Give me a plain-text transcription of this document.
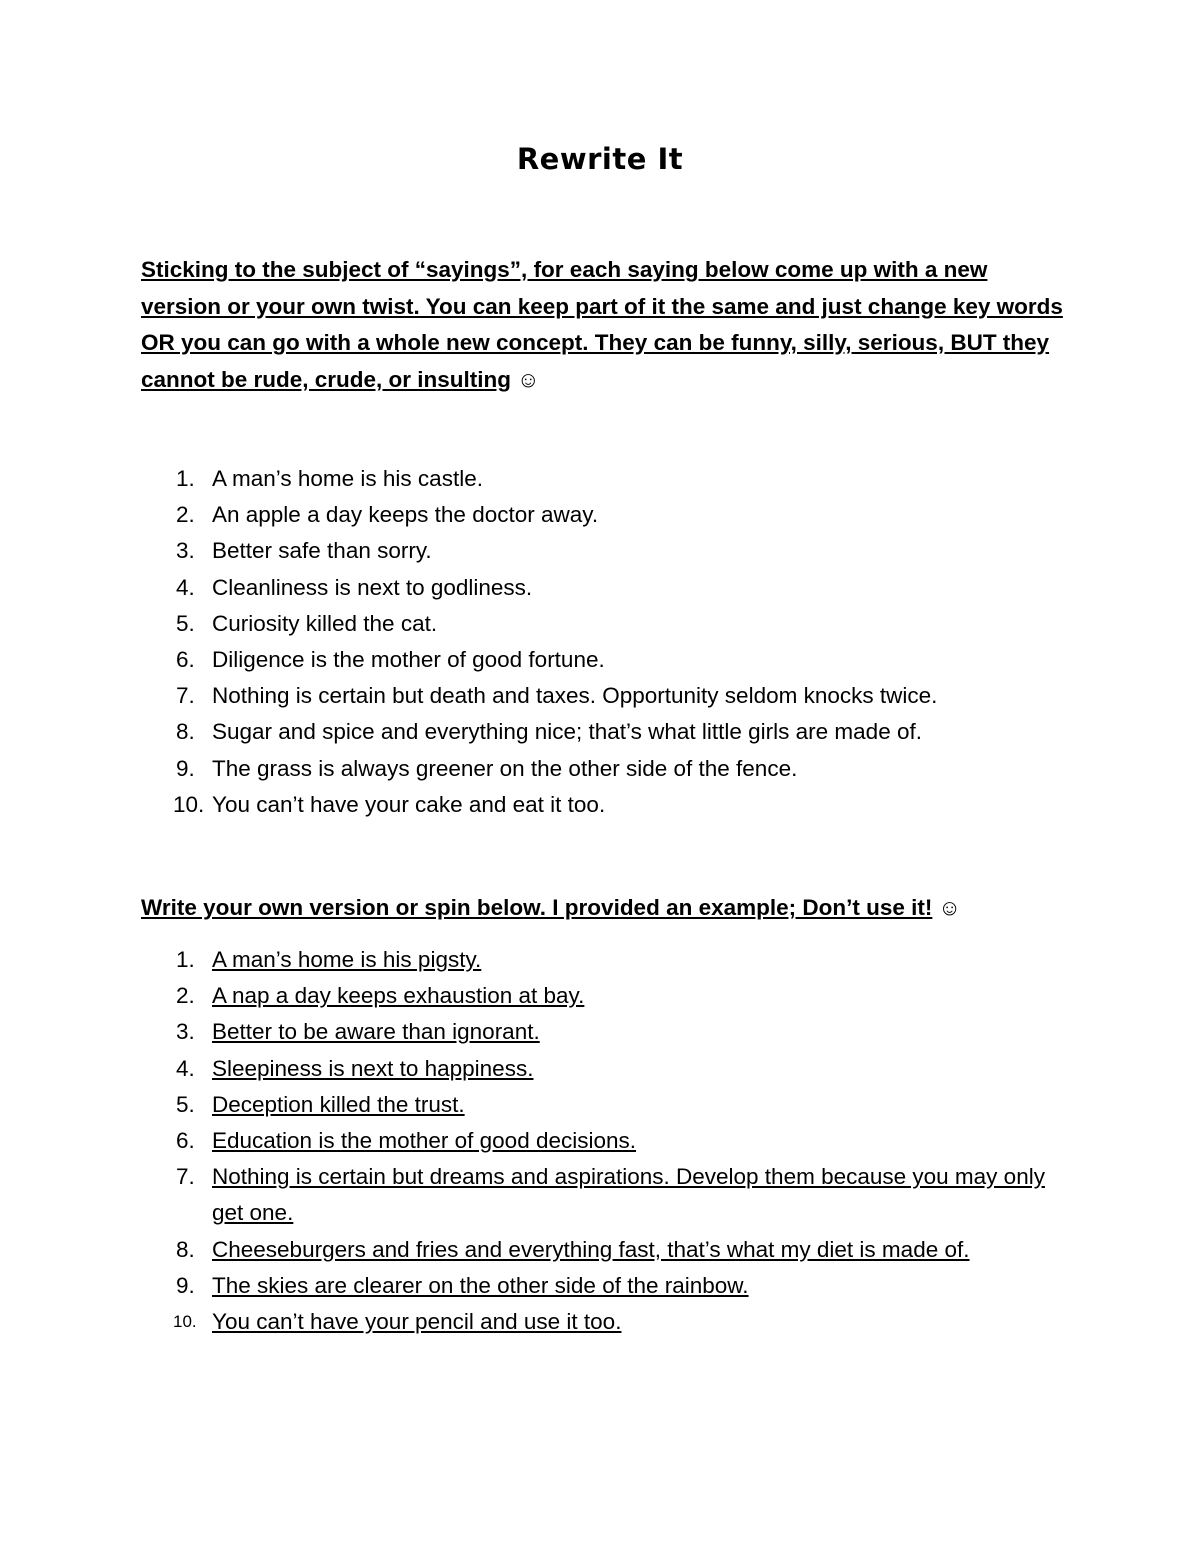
Rewrite It
Sticking to the subject of “sayings”, for each saying below come up with a new version or your own twist. You can keep part of it the same and just change key words OR you can go with a whole new concept. They can be funny, silly, serious, BUT they cannot be rude, crude, or insulting ☺
1. A man’s home is his castle.
2. An apple a day keeps the doctor away.
3. Better safe than sorry.
4. Cleanliness is next to godliness.
5. Curiosity killed the cat.
6. Diligence is the mother of good fortune.
7. Nothing is certain but death and taxes. Opportunity seldom knocks twice.
8. Sugar and spice and everything nice; that’s what little girls are made of.
9. The grass is always greener on the other side of the fence.
10. You can’t have your cake and eat it too.
Write your own version or spin below. I provided an example; Don’t use it! ☺
1. A man’s home is his pigsty.
2. A nap a day keeps exhaustion at bay.
3. Better to be aware than ignorant.
4. Sleepiness is next to happiness.
5. Deception killed the trust.
6. Education is the mother of good decisions.
7. Nothing is certain but dreams and aspirations. Develop them because you may only get one.
8. Cheeseburgers and fries and everything fast, that’s what my diet is made of.
9. The skies are clearer on the other side of the rainbow.
10. You can’t have your pencil and use it too.
